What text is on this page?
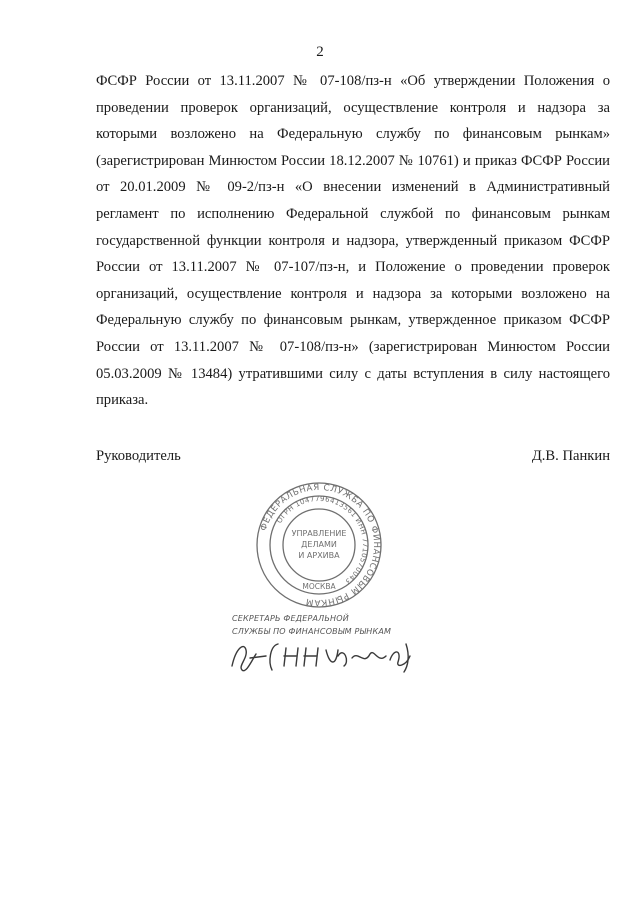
2

ФСФР России от 13.11.2007 № 07-108/пз-н «Об утверждении Положения о проведении проверок организаций, осуществление контроля и надзора за которыми возложено на Федеральную службу по финансовым рынкам» (зарегистрирован Минюстом России 18.12.2007 № 10761) и приказ ФСФР России от 20.01.2009 № 09-2/пз-н «О внесении изменений в Административный регламент по исполнению Федеральной службой по финансовым рынкам государственной функции контроля и надзора, утвержденный приказом ФСФР России от 13.11.2007 № 07-107/пз-н, и Положение о проведении проверок организаций, осуществление контроля и надзора за которыми возложено на Федеральную службу по финансовым рынкам, утвержденное приказом ФСФР России от 13.11.2007 № 07-108/пз-н» (зарегистрирован Минюстом России 05.03.2009 № 13484) утратившими силу с даты вступления в силу настоящего приказа.

Руководитель	Д.В. Панкин
ФЕДЕРАЛЬНАЯ СЛУЖБА ПО ФИНАНСОВЫМ РЫНКАМ
ОГРН 1047796413561 ИНН 7710570043
УПРАВЛЕНИЕ
ДЕЛАМИ
И АРХИВА
МОСКВА
СЕКРЕТАРЬ ФЕДЕРАЛЬНОЙ
СЛУЖБЫ ПО ФИНАНСОВЫМ РЫНКАМ
